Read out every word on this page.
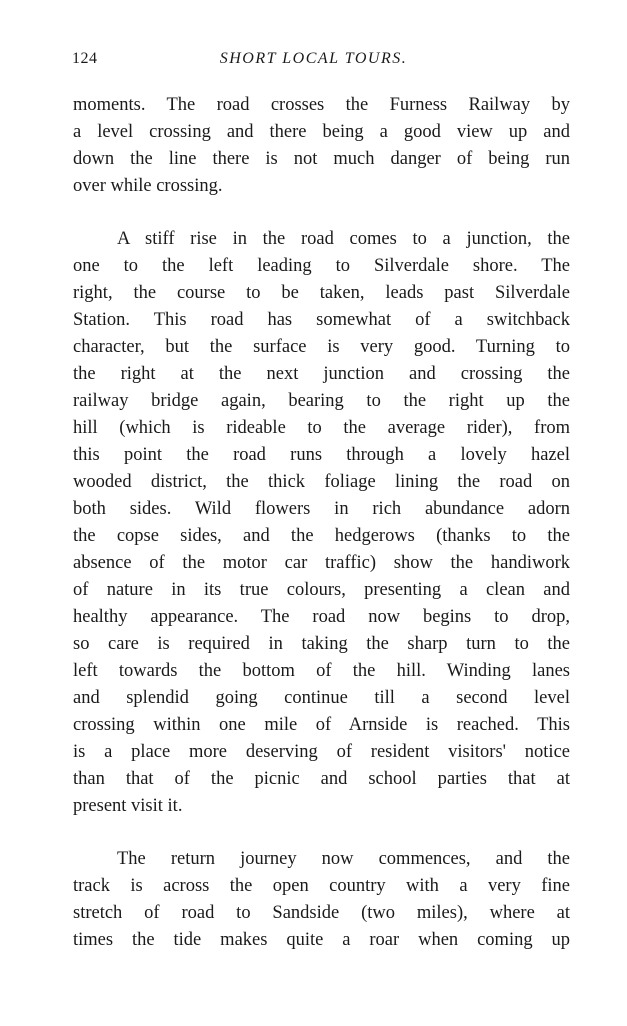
124	SHORT LOCAL TOURS.

moments. The road crosses the Furness Railway by
a level crossing and there being a good view up and
down the line there is not much danger of being run
over while crossing.

A stiff rise in the road comes to a junction, the
one to the left leading to Silverdale shore. The
right, the course to be taken, leads past Silverdale
Station. This road has somewhat of a switchback
character, but the surface is very good. Turning to
the right at the next junction and crossing the
railway bridge again, bearing to the right up the
hill (which is rideable to the average rider), from
this point the road runs through a lovely hazel
wooded district, the thick foliage lining the road on
both sides. Wild flowers in rich abundance adorn
the copse sides, and the hedgerows (thanks to the
absence of the motor car traffic) show the handiwork
of nature in its true colours, presenting a clean and
healthy appearance. The road now begins to drop,
so care is required in taking the sharp turn to the
left towards the bottom of the hill. Winding lanes
and splendid going continue till a second level
crossing within one mile of Arnside is reached. This
is a place more deserving of resident visitors' notice
than that of the picnic and school parties that at
present visit it.

The return journey now commences, and the
track is across the open country with a very fine
stretch of road to Sandside (two miles), where at
times the tide makes quite a roar when coming up
